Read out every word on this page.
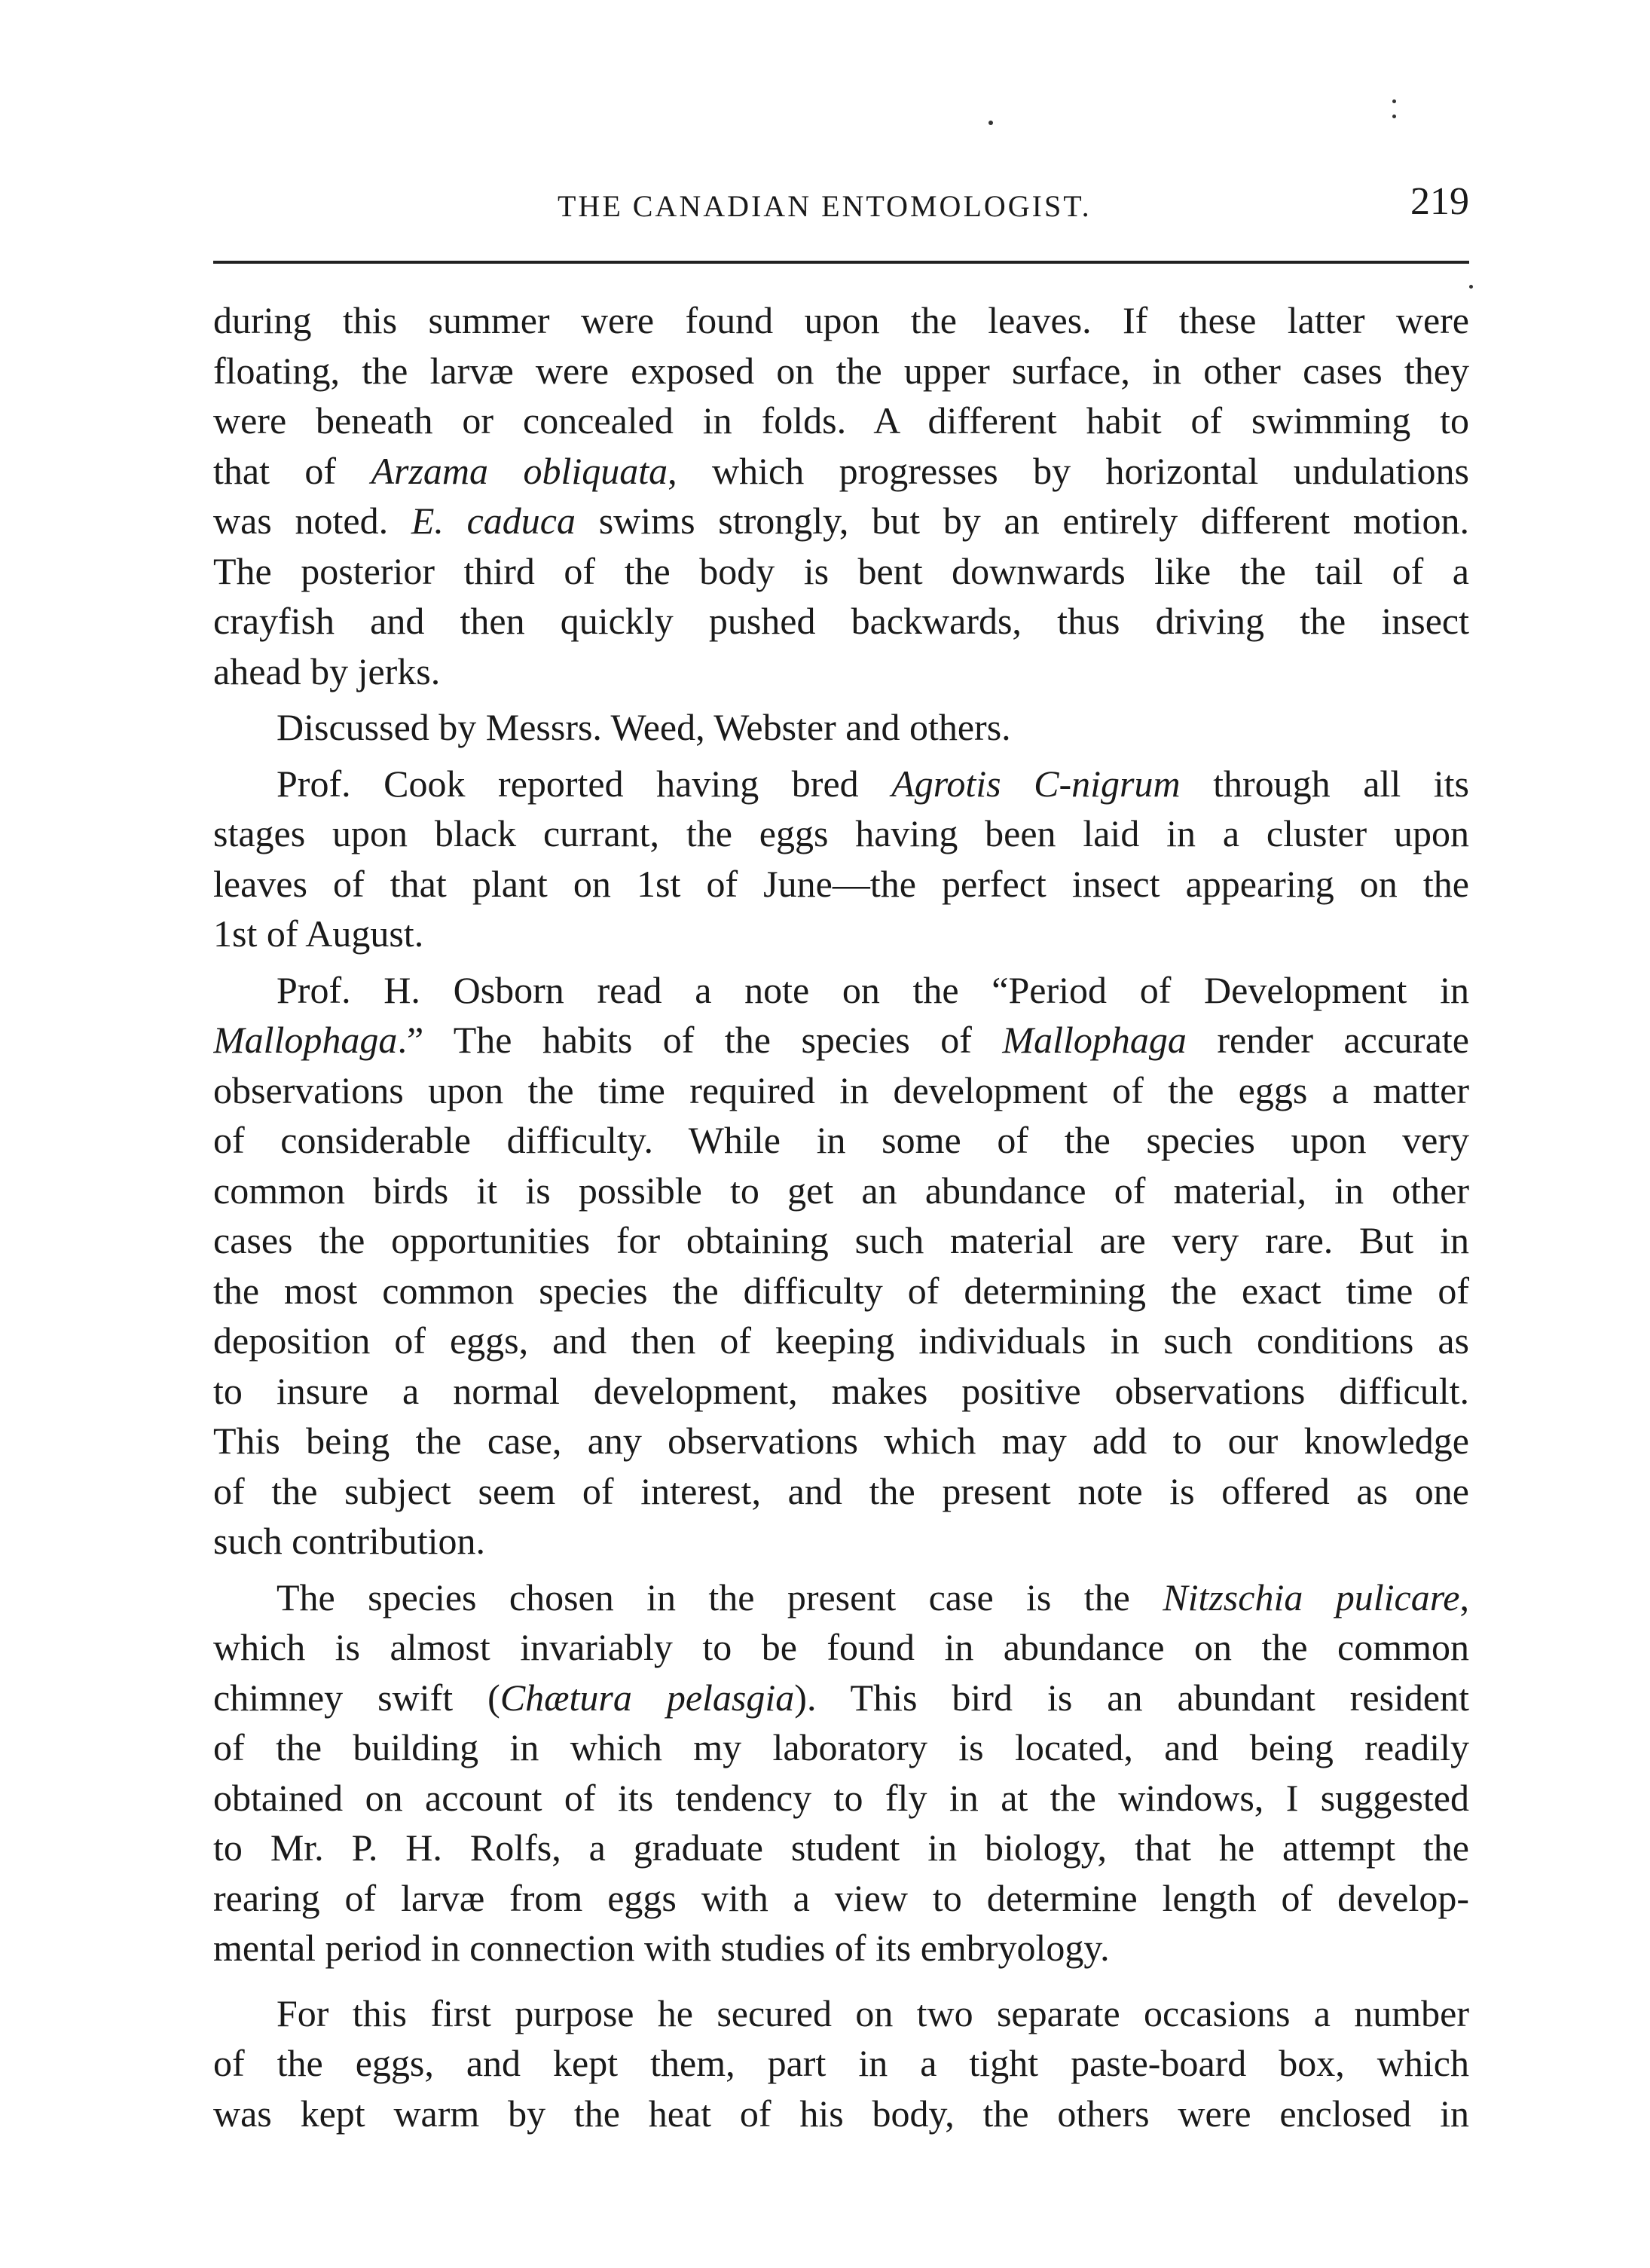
THE CANADIAN ENTOMOLOGIST.	219

during this summer were found upon the leaves. If these latter were
floating, the larvæ were exposed on the upper surface, in other cases they
were beneath or concealed in folds. A different habit of swimming to
that of Arzama obliquata, which progresses by horizontal undulations
was noted. E. caduca swims strongly, but by an entirely different motion.
The posterior third of the body is bent downwards like the tail of a
crayfish and then quickly pushed backwards, thus driving the insect
ahead by jerks.

Discussed by Messrs. Weed, Webster and others.

Prof. Cook reported having bred Agrotis C-nigrum through all its
stages upon black currant, the eggs having been laid in a cluster upon
leaves of that plant on 1st of June—the perfect insect appearing on the
1st of August.

Prof. H. Osborn read a note on the “Period of Development in
Mallophaga.” The habits of the species of Mallophaga render accurate
observations upon the time required in development of the eggs a matter
of considerable difficulty. While in some of the species upon very
common birds it is possible to get an abundance of material, in other
cases the opportunities for obtaining such material are very rare. But in
the most common species the difficulty of determining the exact time of
deposition of eggs, and then of keeping individuals in such conditions as
to insure a normal development, makes positive observations difficult.
This being the case, any observations which may add to our knowledge
of the subject seem of interest, and the present note is offered as one
such contribution.

The species chosen in the present case is the Nitzschia pulicare,
which is almost invariably to be found in abundance on the common
chimney swift (Chætura pelasgia). This bird is an abundant resident
of the building in which my laboratory is located, and being readily
obtained on account of its tendency to fly in at the windows, I suggested
to Mr. P. H. Rolfs, a graduate student in biology, that he attempt the
rearing of larvæ from eggs with a view to determine length of develop-
mental period in connection with studies of its embryology.

For this first purpose he secured on two separate occasions a number
of the eggs, and kept them, part in a tight paste-board box, which
was kept warm by the heat of his body, the others were enclosed in
